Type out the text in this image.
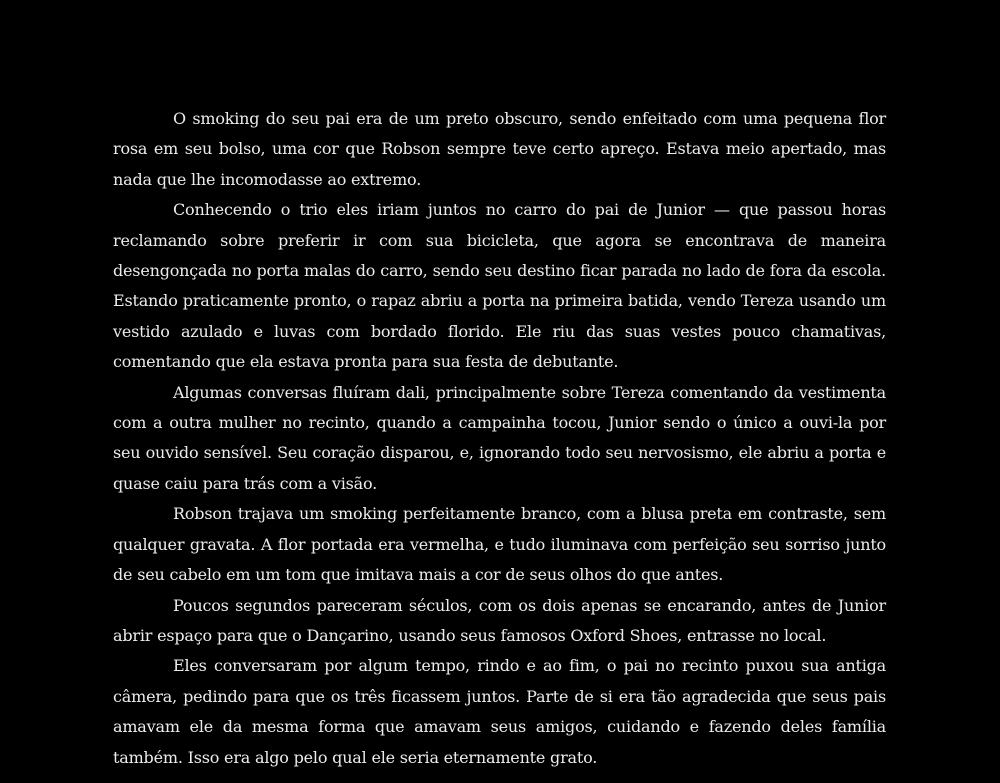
O smoking do seu pai era de um preto obscuro, sendo enfeitado com uma pequena flor rosa em seu bolso, uma cor que Robson sempre teve certo apreço. Estava meio apertado, mas nada que lhe incomodasse ao extremo.

Conhecendo o trio eles iriam juntos no carro do pai de Junior — que passou horas reclamando sobre preferir ir com sua bicicleta, que agora se encontrava de maneira desengonçada no porta malas do carro, sendo seu destino ficar parada no lado de fora da escola. Estando praticamente pronto, o rapaz abriu a porta na primeira batida, vendo Tereza usando um vestido azulado e luvas com bordado florido. Ele riu das suas vestes pouco chamativas, comentando que ela estava pronta para sua festa de debutante.

Algumas conversas fluíram dali, principalmente sobre Tereza comentando da vestimenta com a outra mulher no recinto, quando a campainha tocou, Junior sendo o único a ouvi-la por seu ouvido sensível. Seu coração disparou, e, ignorando todo seu nervosismo, ele abriu a porta e quase caiu para trás com a visão.

Robson trajava um smoking perfeitamente branco, com a blusa preta em contraste, sem qualquer gravata. A flor portada era vermelha, e tudo iluminava com perfeição seu sorriso junto de seu cabelo em um tom que imitava mais a cor de seus olhos do que antes.

Poucos segundos pareceram séculos, com os dois apenas se encarando, antes de Junior abrir espaço para que o Dançarino, usando seus famosos Oxford Shoes, entrasse no local.

Eles conversaram por algum tempo, rindo e ao fim, o pai no recinto puxou sua antiga câmera, pedindo para que os três ficassem juntos. Parte de si era tão agradecida que seus pais amavam ele da mesma forma que amavam seus amigos, cuidando e fazendo deles família também. Isso era algo pelo qual ele seria eternamente grato.
